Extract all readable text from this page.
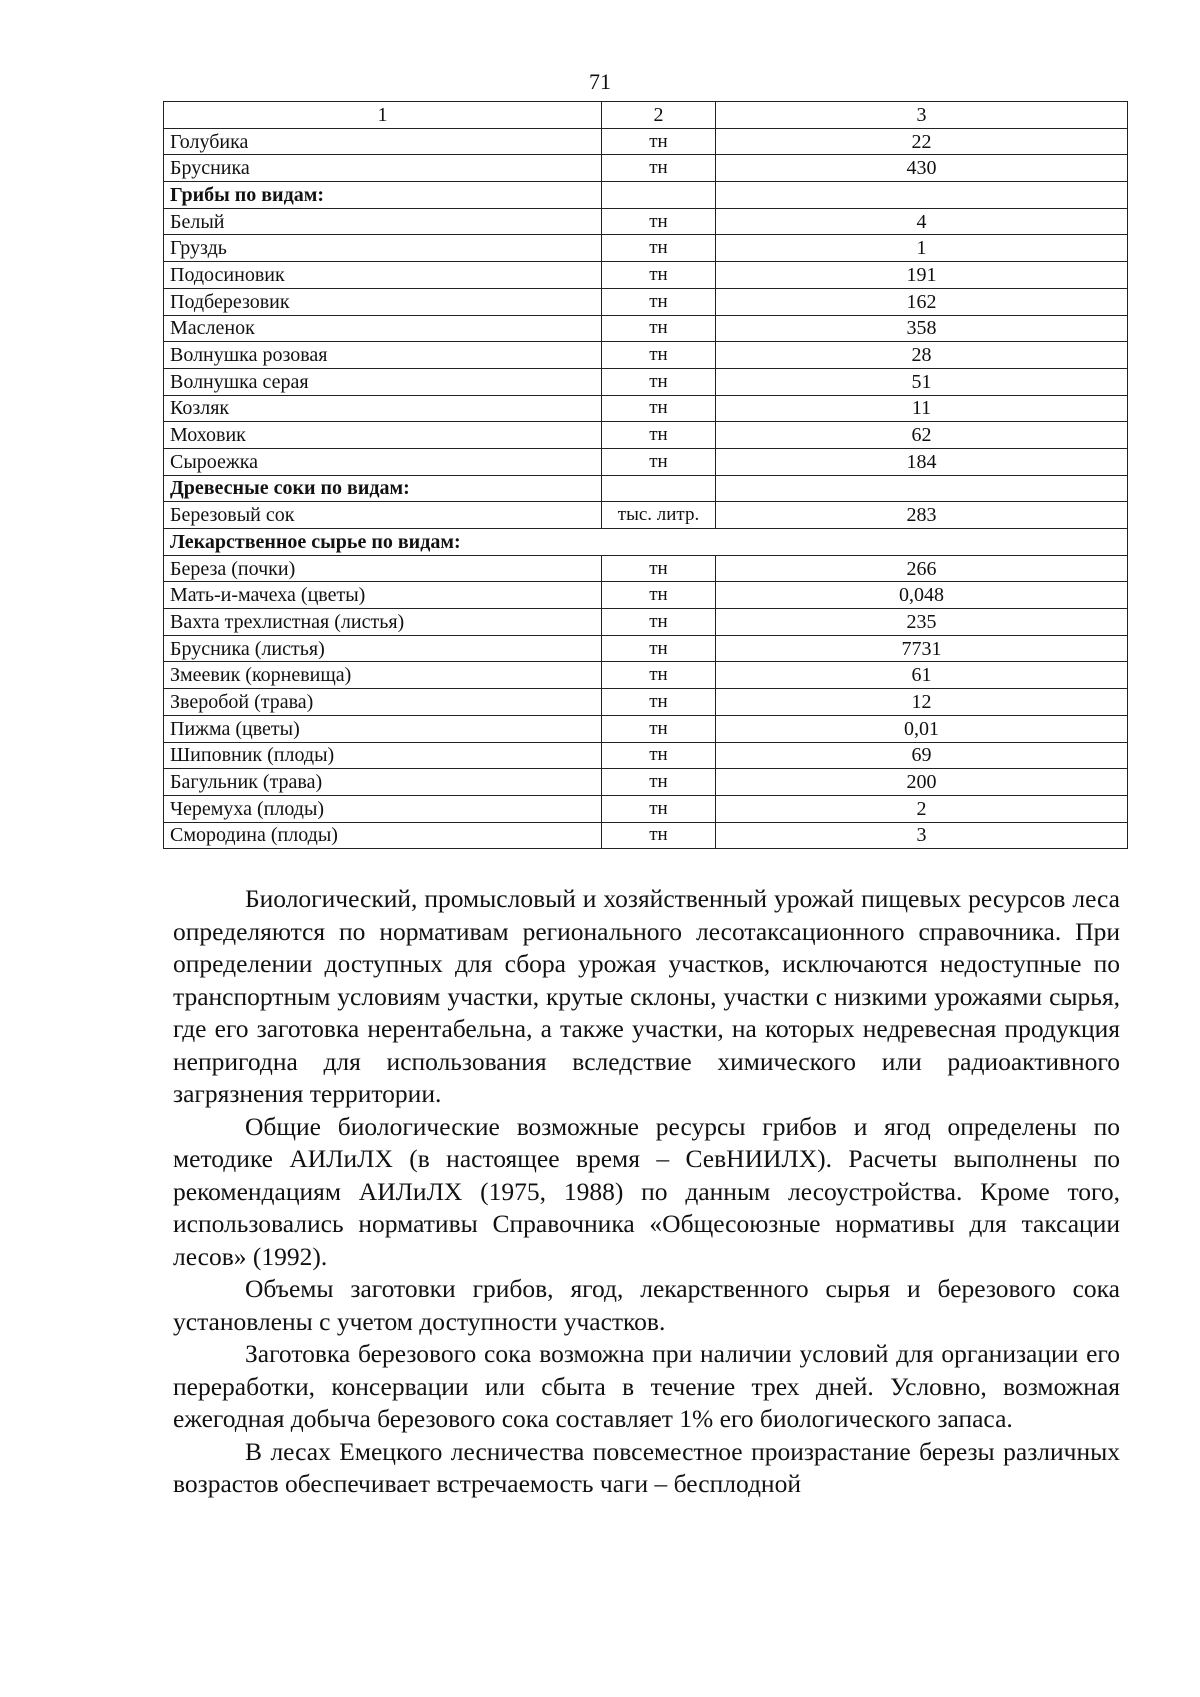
71
1	2	3
Голубика	тн	22
Брусника	тн	430
Грибы по видам:		
Белый	тн	4
Груздь	тн	1
Подосиновик	тн	191
Подберезовик	тн	162
Масленок	тн	358
Волнушка розовая	тн	28
Волнушка серая	тн	51
Козляк	тн	11
Моховик	тн	62
Сыроежка	тн	184
Древесные соки по видам:		
Березовый сок	тыс. литр.	283
Лекарственное сырье по видам:		
Береза (почки)	тн	266
Мать-и-мачеха (цветы)	тн	0,048
Вахта трехлистная (листья)	тн	235
Брусника (листья)	тн	7731
Змеевик (корневища)	тн	61
Зверобой (трава)	тн	12
Пижма (цветы)	тн	0,01
Шиповник (плоды)	тн	69
Багульник (трава)	тн	200
Черемуха (плоды)	тн	2
Смородина (плоды)	тн	3

Биологический, промысловый и хозяйственный урожай пищевых ресурсов леса определяются по нормативам регионального лесотаксационного справочника. При определении доступных для сбора урожая участков, исключаются недоступные по транспортным условиям участки, крутые склоны, участки с низкими урожаями сырья, где его заготовка нерентабельна, а также участки, на которых недревесная продукция непригодна для использования вследствие химического или радиоактивного загрязнения территории.

Общие биологические возможные ресурсы грибов и ягод определены по методике АИЛиЛХ (в настоящее время – СевНИИЛХ). Расчеты выполнены по рекомендациям АИЛиЛХ (1975, 1988) по данным лесоустройства. Кроме того, использовались нормативы Справочника «Общесоюзные нормативы для таксации лесов» (1992).

Объемы заготовки грибов, ягод, лекарственного сырья и березового сока установлены с учетом доступности участков.

Заготовка березового сока возможна при наличии условий для организации его переработки, консервации или сбыта в течение трех дней. Условно, возможная ежегодная добыча березового сока составляет 1% его биологического запаса.

В лесах Емецкого лесничества повсеместное произрастание березы различных возрастов обеспечивает встречаемость чаги – бесплодной
